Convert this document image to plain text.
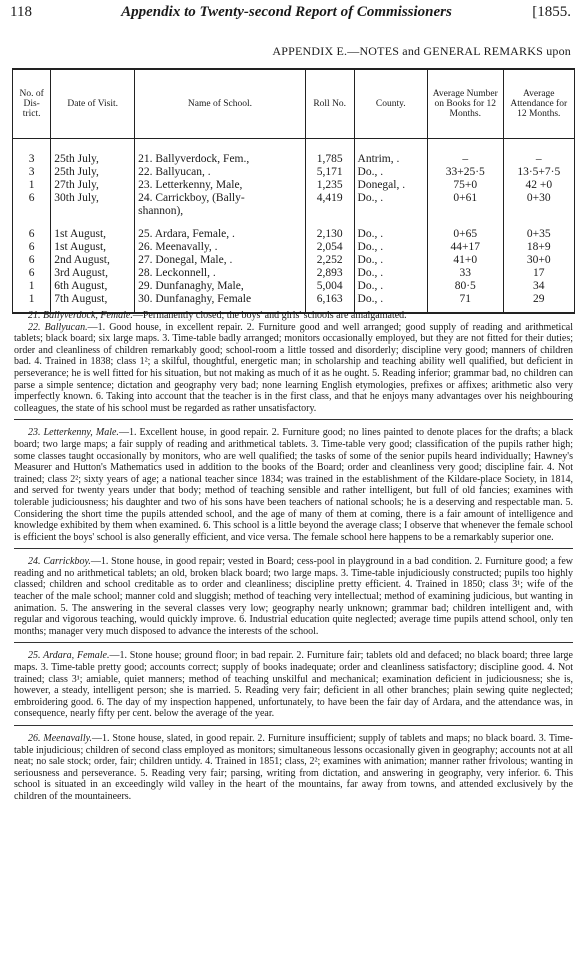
118	Appendix to Twenty-second Report of Commissioners	[1855.
APPENDIX E.—NOTES and GENERAL REMARKS upon
No. of Dis- trict.	Date of Visit.	Name of School.	Roll No.	County.	Average Number on Books for 12 Months.	Average Attendance for 12 Months.
3	25th July,	21. Ballyverdock, Fem.,	1,785	Antrim, .	–	–
3	25th July,	22. Ballyucan, .	5,171	Do., .	33+25·5	13·5+7·5
1	27th July,	23. Letterkenny, Male,	1,235	Donegal, .	75+0	42 +0
6	30th July,	24. Carrickboy, (Bally-	4,419	Do., .	0+61	0+30
		shannon),				
6	1st August,	25. Ardara, Female, .	2,130	Do., .	0+65	0+35
6	1st August,	26. Meenavally, .	2,054	Do., .	44+17	18+9
6	2nd August,	27. Donegal, Male, .	2,252	Do., .	41+0	30+0
6	3rd August,	28. Leckonnell, .	2,893	Do., .	33	17
1	6th August,	29. Dunfanaghy, Male,	5,004	Do., .	80·5	34
1	7th August,	30. Dunfanaghy, Female	6,163	Do., .	71	29

21. Ballyverdock, Female.—Permanently closed; the boys' and girls' schools are amalgamated.

22. Ballyucan.—1. Good house, in excellent repair. 2. Furniture good and well arranged; good supply of reading and arithmetical tablets; black board; six large maps. 3. Time-table badly arranged; monitors occasionally employed, but they are not fitted for their duties; order and cleanliness of children remarkably good; school-room a little tossed and disorderly; discipline very good; manners of children bad. 4. Trained in 1838; class 1²; a skilful, thoughtful, energetic man; in scholarship and teaching ability well qualified, but deficient in perseverance; he is well fitted for his situation, but not making as much of it as he ought. 5. Reading inferior; grammar bad, no children can parse a simple sentence; dictation and geography very bad; none learning English etymologies, prefixes or affixes; arithmetic also very imperfectly known. 6. Taking into account that the teacher is in the first class, and that he enjoys many advantages over his neighbouring colleagues, the state of his school must be regarded as rather unsatisfactory.

23. Letterkenny, Male.—1. Excellent house, in good repair. 2. Furniture good; no lines painted to denote places for the drafts; a black board; two large maps; a fair supply of reading and arithmetical tablets. 3. Time-table very good; classification of the pupils rather high; some classes taught occasionally by monitors, who are well qualified; the tasks of some of the senior pupils heard individually; Hawney's Measurer and Hutton's Mathematics used in addition to the books of the Board; order and cleanliness very good; discipline fair. 4. Not trained; class 2²; sixty years of age; a national teacher since 1834; was trained in the establishment of the Kildare-place Society, in 1814, and served for twenty years under that body; method of teaching sensible and rather intelligent, but full of old fancies; examines with tolerable judiciousness; his daughter and two of his sons have been teachers of national schools; he is a deserving and respectable man. 5. Considering the short time the pupils attended school, and the age of many of them at coming, there is a fair amount of intelligence and knowledge exhibited by them when examined. 6. This school is a little beyond the average class; I observe that whenever the female school is efficient the boys' school is also generally efficient, and vice versa. The female school here happens to be a remarkably superior one.

24. Carrickboy.—1. Stone house, in good repair; vested in Board; cess-pool in playground in a bad condition. 2. Furniture good; a few reading and no arithmetical tablets; an old, broken black board; two large maps. 3. Time-table injudiciously constructed; pupils too highly classed; children and school creditable as to order and cleanliness; discipline pretty efficient. 4. Trained in 1850; class 3¹; wife of the teacher of the male school; manner cold and sluggish; method of teaching very intellectual; method of examining judicious, but wanting in animation. 5. The answering in the several classes very low; geography nearly unknown; grammar bad; children intelligent and, with regular and vigorous teaching, would quickly improve. 6. Industrial education quite neglected; average time pupils attend school, only ten months; manager very much disposed to advance the interests of the school.

25. Ardara, Female.—1. Stone house; ground floor; in bad repair. 2. Furniture fair; tablets old and defaced; no black board; three large maps. 3. Time-table pretty good; accounts correct; supply of books inadequate; order and cleanliness satisfactory; discipline good. 4. Not trained; class 3¹; amiable, quiet manners; method of teaching unskilful and mechanical; examination deficient in judiciousness; she is, however, a steady, intelligent person; she is married. 5. Reading very fair; deficient in all other branches; plain sewing quite neglected; embroidering good. 6. The day of my inspection happened, unfortunately, to have been the fair day of Ardara, and the attendance was, in consequence, nearly fifty per cent. below the average of the year.

26. Meenavally.—1. Stone house, slated, in good repair. 2. Furniture insufficient; supply of tablets and maps; no black board. 3. Time-table injudicious; children of second class employed as monitors; simultaneous lessons occasionally given in geography; accounts not at all neat; no sale stock; order, fair; children untidy. 4. Trained in 1851; class, 2²; examines with animation; manner rather frivolous; wanting in seriousness and perseverance. 5. Reading very fair; parsing, writing from dictation, and answering in geography, very inferior. 6. This school is situated in an exceedingly wild valley in the heart of the mountains, far away from towns, and attended exclusively by the children of the mountaineers.
